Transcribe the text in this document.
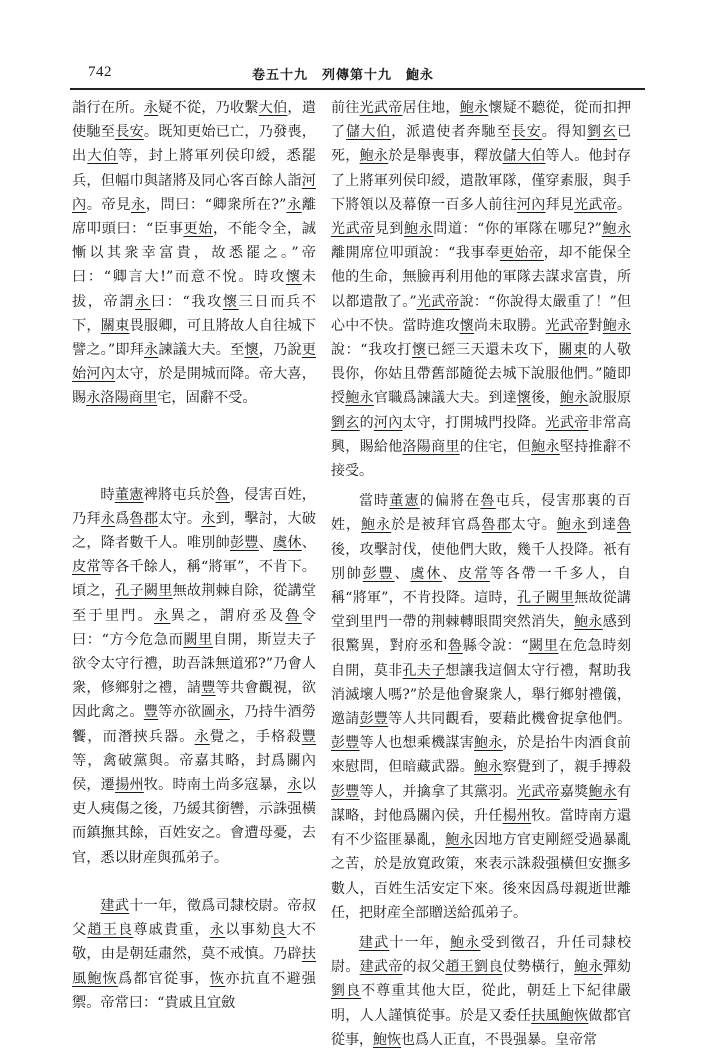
742	卷五十九　列傳第十九　鮑永

詣行在所。永疑不從，乃收繫大伯，遣使馳至長安。既知更始已亡，乃發喪，出大伯等，封上將軍列侯印綬，悉罷兵，但幅巾與諸將及同心客百餘人詣河內。帝見永，問曰：“卿衆所在?”永離席叩頭曰：“臣事更始，不能令全，誠慚以其衆幸富貴，故悉罷之。”帝曰：“卿言大!”而意不悅。時攻懷未拔，帝謂永曰：“我攻懷三日而兵不下，關東畏服卿，可且將故人自往城下譬之。”即拜永諫議大夫。至懷，乃說更始河內太守，於是開城而降。帝大喜，賜永洛陽商里宅，固辭不受。

時董憲裨將屯兵於魯，侵害百姓，乃拜永爲魯郡太守。永到，擊討，大破之，降者數千人。唯別帥彭豐、虞休、皮常等各千餘人，稱“將軍”，不肯下。頃之，孔子闕里無故荆棘自除，從講堂至于里門。永異之，謂府丞及魯令曰：“方今危急而闕里自開，斯豈夫子欲令太守行禮，助吾誅無道邪?”乃會人衆，修鄉射之禮，請豐等共會觀視，欲因此禽之。豐等亦欲圖永，乃持牛酒勞饗，而潛挾兵器。永覺之，手格殺豐等，禽破黨與。帝嘉其略，封爲關內侯，遷揚州牧。時南土尚多寇暴，永以吏人痍傷之後，乃緩其銜轡，示誅强橫而鎮撫其餘，百姓安之。會遭母憂，去官，悉以財産與孤弟子。

建武十一年，徵爲司隸校尉。帝叔父趙王良尊戚貴重，永以事劾良大不敬，由是朝廷肅然，莫不戒慎。乃辟扶風鮑恢爲都官從事，恢亦抗直不避强禦。帝常曰：“貴戚且宜斂

前往光武帝居住地，鮑永懷疑不聽從，從而扣押了儲大伯，派遣使者奔馳至長安。得知劉玄已死，鮑永於是舉喪事，釋放儲大伯等人。他封存了上將軍列侯印綬，遣散軍隊，僅穿素服，與手下將領以及幕僚一百多人前往河內拜見光武帝。光武帝見到鮑永問道：“你的軍隊在哪兒?”鮑永離開席位叩頭說：“我事奉更始帝，却不能保全他的生命，無臉再利用他的軍隊去謀求富貴，所以都遣散了。”光武帝說：“你說得太嚴重了！”但心中不快。當時進攻懷尚未取勝。光武帝對鮑永說：“我攻打懷已經三天還未攻下，關東的人敬畏你，你姑且帶舊部隨從去城下說服他們。”隨即授鮑永官職爲諫議大夫。到達懷後，鮑永說服原劉玄的河內太守，打開城門投降。光武帝非常高興，賜給他洛陽商里的住宅，但鮑永堅持推辭不接受。

當時董憲的偏將在魯屯兵，侵害那裏的百姓，鮑永於是被拜官爲魯郡太守。鮑永到達魯後，攻擊討伐，使他們大敗，幾千人投降。衹有別帥彭豐、虞休、皮常等各帶一千多人，自稱“將軍”，不肯投降。這時，孔子闕里無故從講堂到里門一帶的荆棘轉眼間突然消失，鮑永感到很驚異，對府丞和魯縣令說：“闕里在危急時刻自開，莫非孔夫子想讓我這個太守行禮，幫助我消滅壞人嗎?”於是他會聚衆人，舉行鄉射禮儀，邀請彭豐等人共同觀看，要藉此機會捉拿他們。彭豐等人也想乘機謀害鮑永，於是抬牛肉酒食前來慰問，但暗藏武器。鮑永察覺到了，親手搏殺彭豐等人，并擒拿了其黨羽。光武帝嘉獎鮑永有謀略，封他爲關內侯，升任楊州牧。當時南方還有不少盜匪暴亂，鮑永因地方官吏剛經受過暴亂之苦，於是放寬政策，來表示誅殺强橫但安撫多數人，百姓生活安定下來。後來因爲母親逝世離任，把財産全部贈送給孤弟子。

建武十一年，鮑永受到徵召，升任司隸校尉。建武帝的叔父趙王劉良仗勢橫行，鮑永彈劾劉良不尊重其他大臣，從此，朝廷上下紀律嚴明，人人謹慎從事。於是又委任扶風鮑恢做都官從事，鮑恢也爲人正直，不畏强暴。皇帝常
